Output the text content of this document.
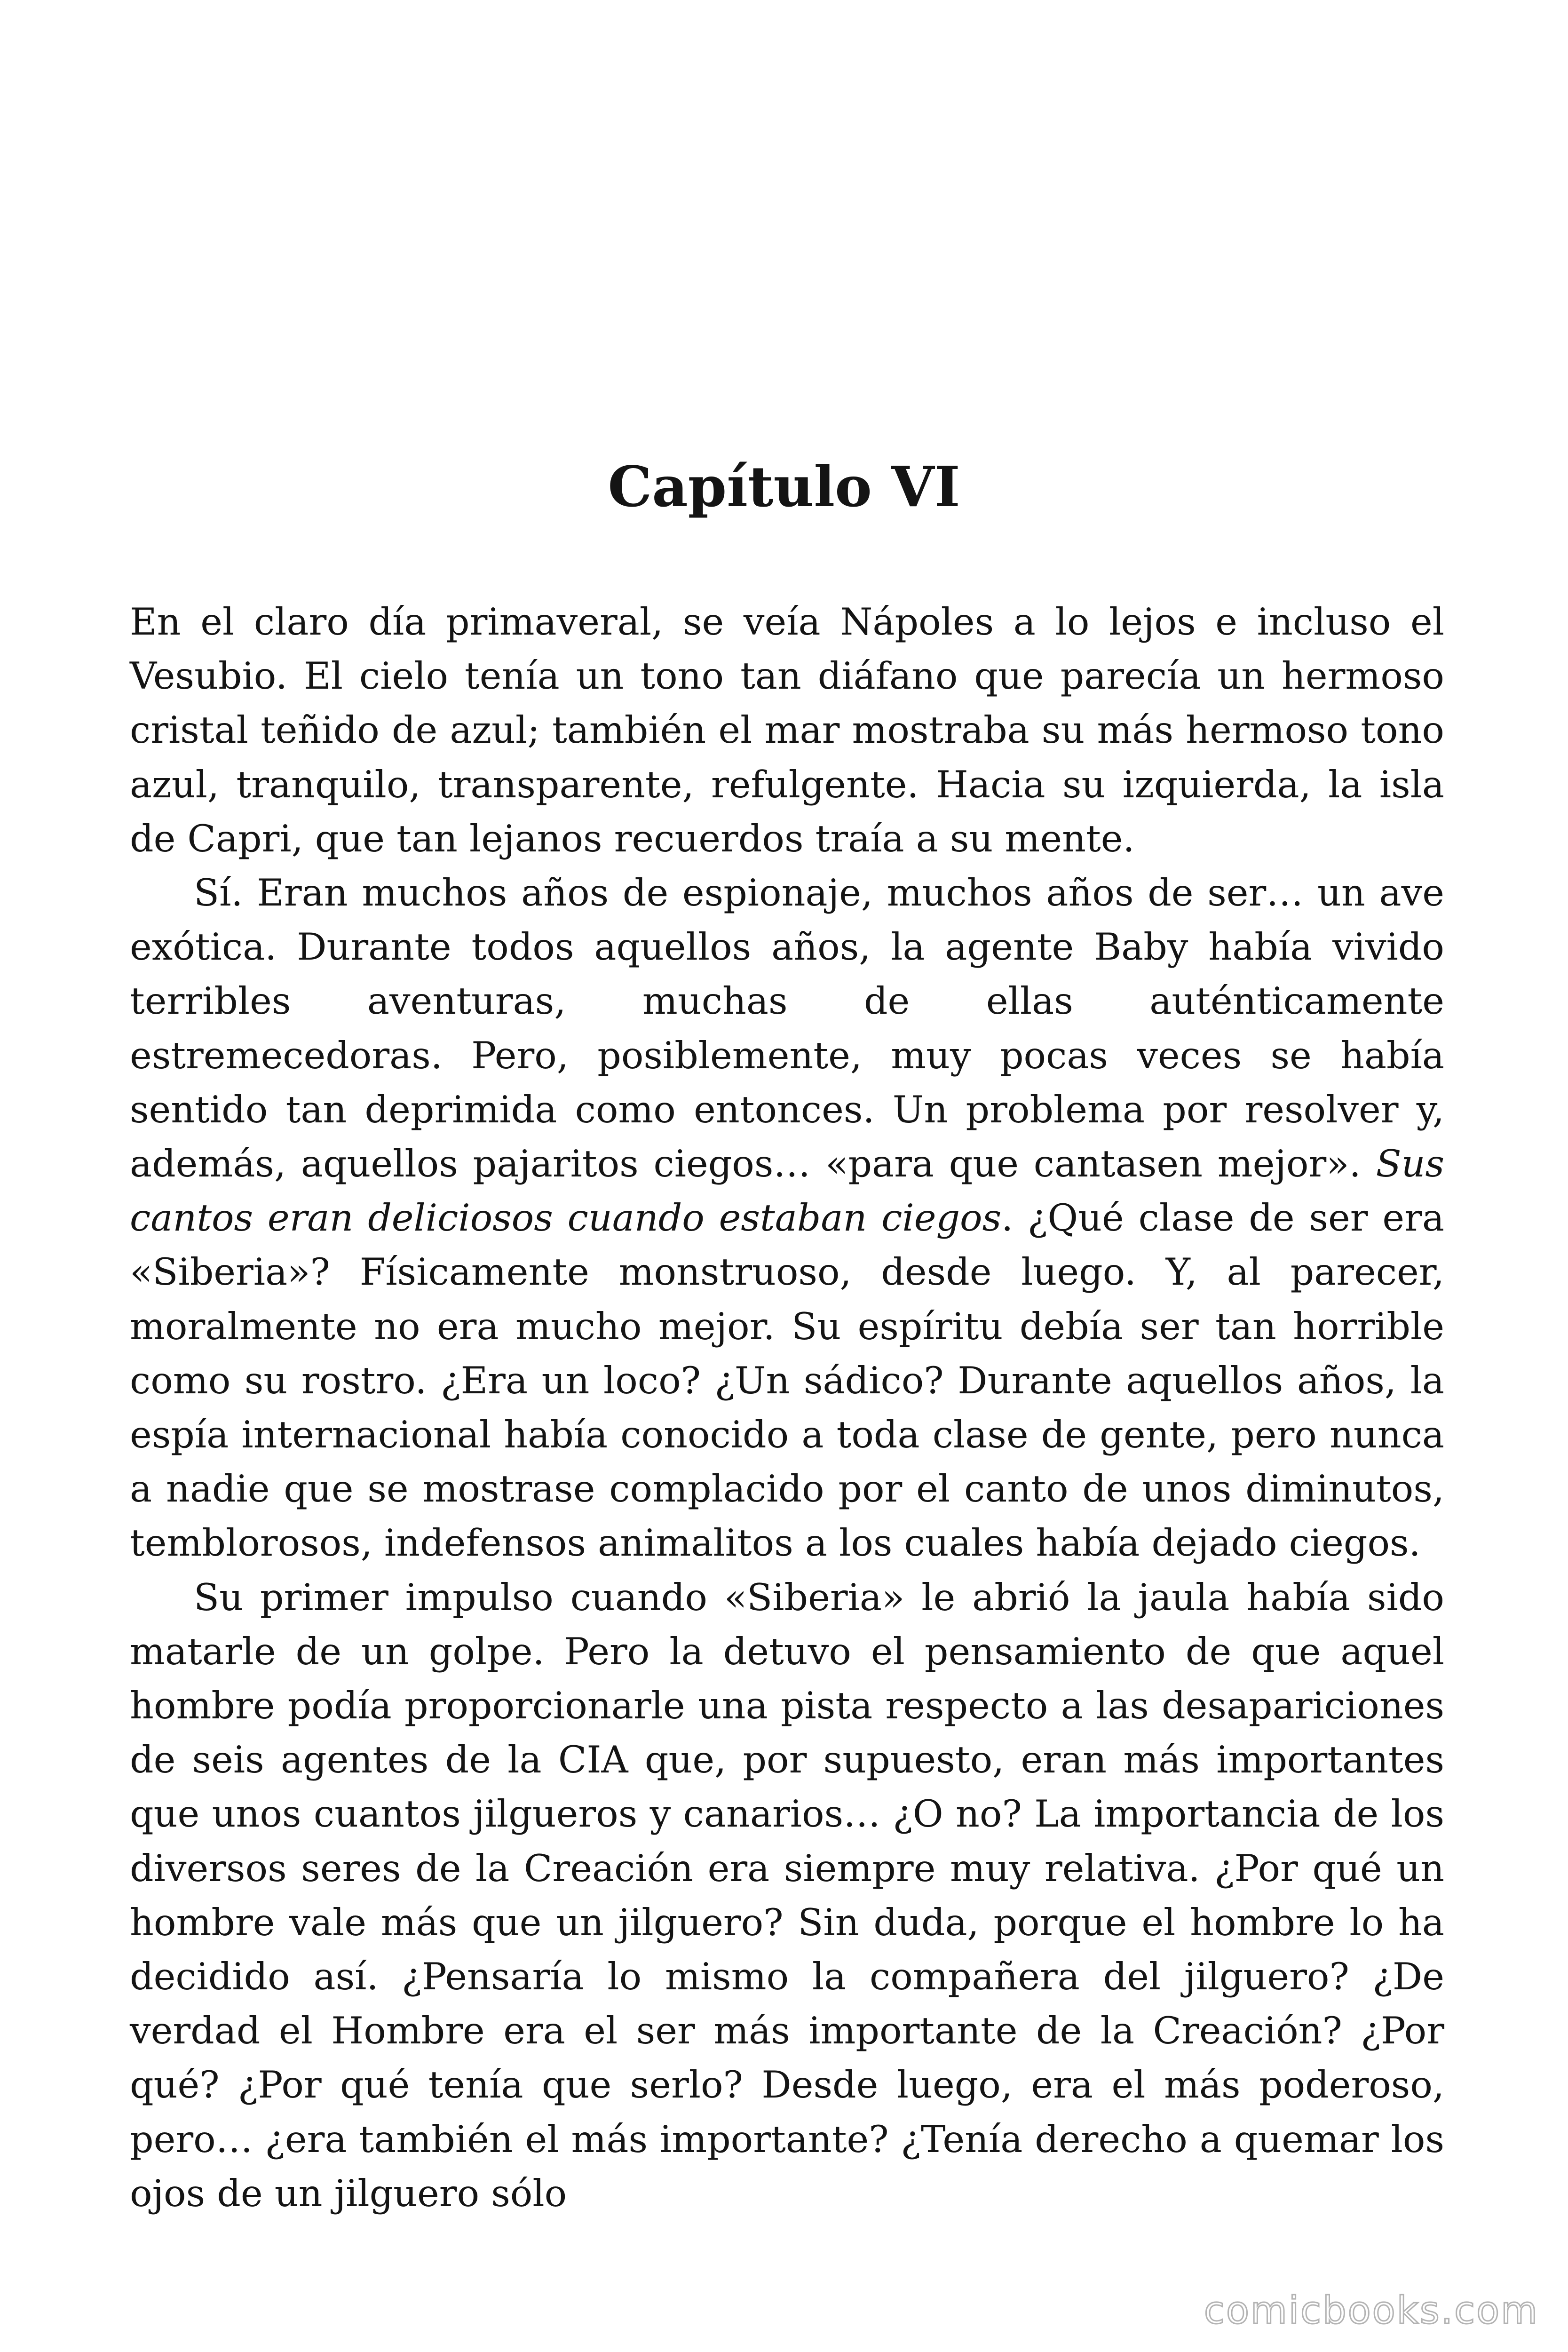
Capítulo VI

En el claro día primaveral, se veía Nápoles a lo lejos e incluso el Vesubio. El cielo tenía un tono tan diáfano que parecía un hermoso cristal teñido de azul; también el mar mostraba su más hermoso tono azul, tranquilo, transparente, refulgente. Hacia su izquierda, la isla de Capri, que tan lejanos recuerdos traía a su mente.

Sí. Eran muchos años de espionaje, muchos años de ser… un ave exótica. Durante todos aquellos años, la agente Baby había vivido terribles aventuras, muchas de ellas auténticamente estremecedoras. Pero, posiblemente, muy pocas veces se había sentido tan deprimida como entonces. Un problema por resolver y, además, aquellos pajaritos ciegos… «para que cantasen mejor». Sus cantos eran deliciosos cuando estaban ciegos. ¿Qué clase de ser era «Siberia»? Físicamente monstruoso, desde luego. Y, al parecer, moralmente no era mucho mejor. Su espíritu debía ser tan horrible como su rostro. ¿Era un loco? ¿Un sádico? Durante aquellos años, la espía internacional había conocido a toda clase de gente, pero nunca a nadie que se mostrase complacido por el canto de unos diminutos, temblorosos, indefensos animalitos a los cuales había dejado ciegos.

Su primer impulso cuando «Siberia» le abrió la jaula había sido matarle de un golpe. Pero la detuvo el pensamiento de que aquel hombre podía proporcionarle una pista respecto a las desapariciones de seis agentes de la CIA que, por supuesto, eran más importantes que unos cuantos jilgueros y canarios… ¿O no? La importancia de los diversos seres de la Creación era siempre muy relativa. ¿Por qué un hombre vale más que un jilguero? Sin duda, porque el hombre lo ha decidido así. ¿Pensaría lo mismo la compañera del jilguero? ¿De verdad el Hombre era el ser más importante de la Creación? ¿Por qué? ¿Por qué tenía que serlo? Desde luego, era el más poderoso, pero… ¿era también el más importante? ¿Tenía derecho a quemar los ojos de un jilguero sólo

comicbooks.com
